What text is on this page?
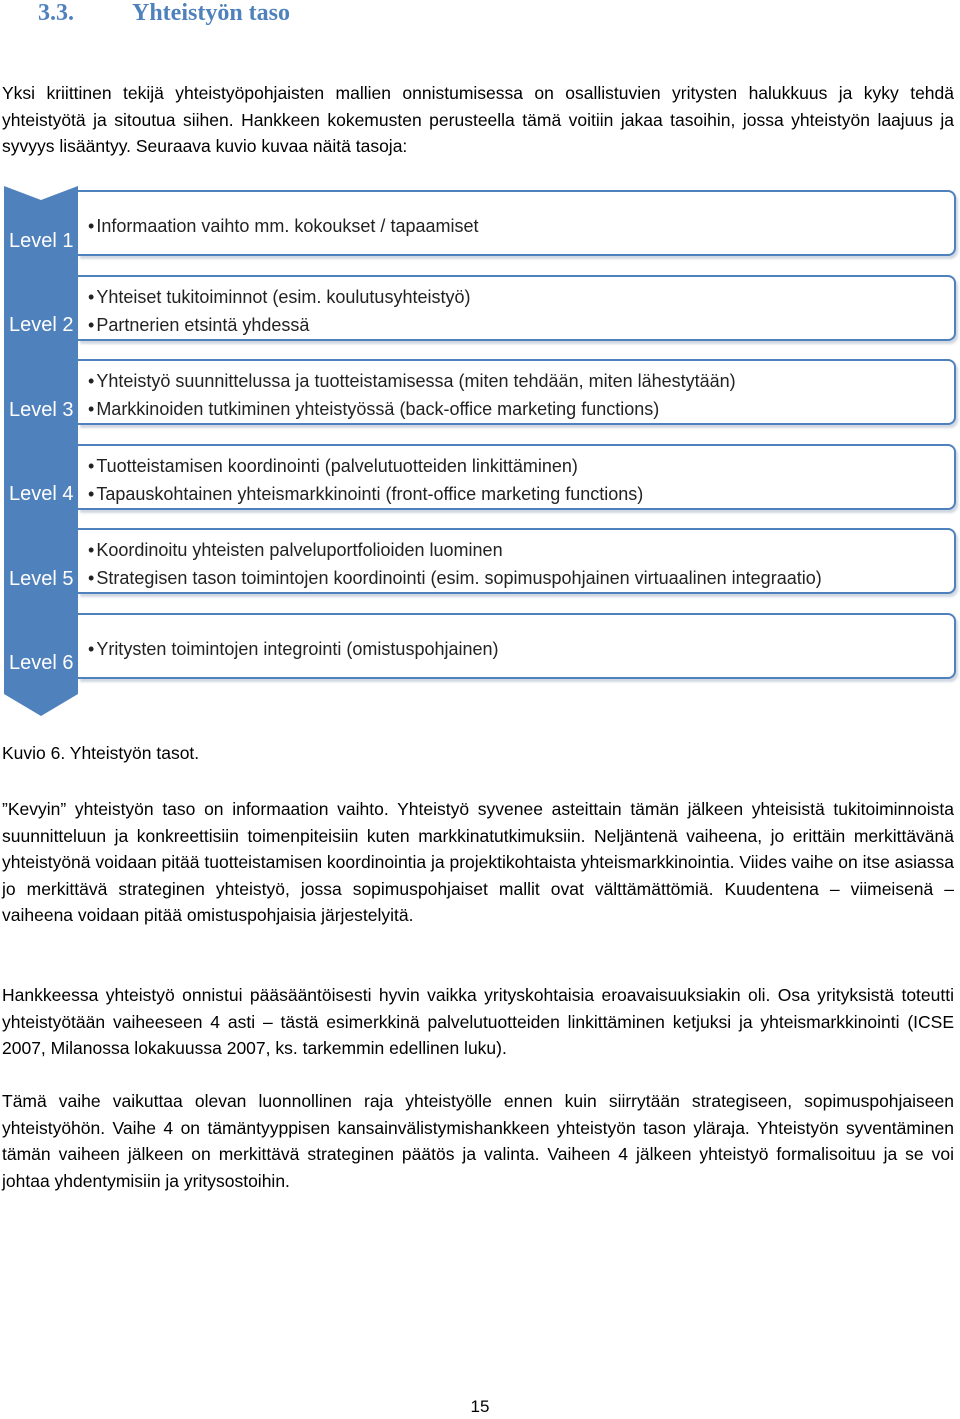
3.3. Yhteistyön taso
Yksi kriittinen tekijä yhteistyöpohjaisten mallien onnistumisessa on osallistuvien yritysten halukkuus ja kyky tehdä yhteistyötä ja sitoutua siihen. Hankkeen kokemusten perusteella tämä voitiin jakaa tasoihin, jossa yhteistyön laajuus ja syvyys lisääntyy. Seuraava kuvio kuvaa näitä tasoja:
Level 1
• Informaation vaihto mm. kokoukset / tapaamiset
Level 2
• Yhteiset tukitoiminnot (esim. koulutusyhteistyö)
• Partnerien etsintä yhdessä
Level 3
• Yhteistyö suunnittelussa ja tuotteistamisessa (miten tehdään, miten lähestytään)
• Markkinoiden tutkiminen yhteistyössä (back-office marketing functions)
Level 4
• Tuotteistamisen koordinointi (palvelutuotteiden linkittäminen)
• Tapauskohtainen yhteismarkkinointi (front-office marketing functions)
Level 5
• Koordinoitu yhteisten palveluportfolioiden luominen
• Strategisen tason toimintojen koordinointi (esim. sopimuspohjainen virtuaalinen integraatio)
Level 6
• Yritysten toimintojen integrointi (omistuspohjainen)
Kuvio 6. Yhteistyön tasot.
”Kevyin” yhteistyön taso on informaation vaihto. Yhteistyö syvenee asteittain tämän jälkeen yhteisistä tukitoiminnoista suunnitteluun ja konkreettisiin toimenpiteisiin kuten markkinatutkimuksiin. Neljäntenä vaiheena, jo erittäin merkittävänä yhteistyönä voidaan pitää tuotteistamisen koordinointia ja projektikohtaista yhteismarkkinointia. Viides vaihe on itse asiassa jo merkittävä strateginen yhteistyö, jossa sopimuspohjaiset mallit ovat välttämättömiä. Kuudentena – viimeisenä – vaiheena voidaan pitää omistuspohjaisia järjestelyitä.
Hankkeessa yhteistyö onnistui pääsääntöisesti hyvin vaikka yrityskohtaisia eroavaisuuksiakin oli. Osa yrityksistä toteutti yhteistyötään vaiheeseen 4 asti – tästä esimerkkinä palvelutuotteiden linkittäminen ketjuksi ja yhteismarkkinointi (ICSE 2007, Milanossa lokakuussa 2007, ks. tarkemmin edellinen luku).
Tämä vaihe vaikuttaa olevan luonnollinen raja yhteistyölle ennen kuin siirrytään strategiseen, sopimuspohjaiseen yhteistyöhön. Vaihe 4 on tämäntyyppisen kansainvälistymishankkeen yhteistyön tason yläraja. Yhteistyön syventäminen tämän vaiheen jälkeen on merkittävä strateginen päätös ja valinta. Vaiheen 4 jälkeen yhteistyö formalisoituu ja se voi johtaa yhdentymisiin ja yritysostoihin.
15
